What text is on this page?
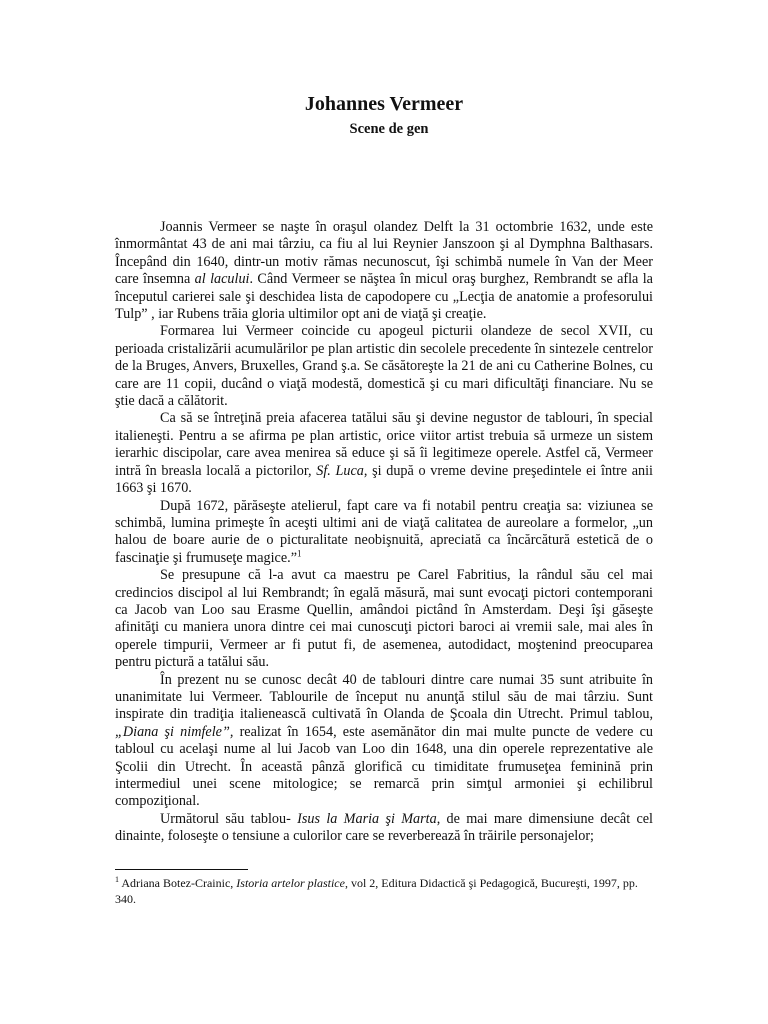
Johannes Vermeer
Scene de gen

Joannis Vermeer se naşte în oraşul olandez Delft la 31 octombrie 1632, unde este înmormântat 43 de ani mai târziu, ca fiu al lui Reynier Janszoon şi al Dymphna Balthasars. Începând din 1640, dintr-un motiv rămas necunoscut, îşi schimbă numele în Van der Meer care însemna al lacului. Când Vermeer se năştea în micul oraş burghez, Rembrandt se afla la începutul carierei sale şi deschidea lista de capodopere cu „Lecţia de anatomie a profesorului Tulp” , iar Rubens trăia gloria ultimilor opt ani de viaţă şi creaţie.

Formarea lui Vermeer coincide cu apogeul picturii olandeze de secol XVII, cu perioada cristalizării acumulărilor pe plan artistic din secolele precedente în sintezele centrelor de la Bruges, Anvers, Bruxelles, Grand ş.a. Se căsătoreşte la 21 de ani cu Catherine Bolnes, cu care are 11 copii, ducând o viaţă modestă, domestică şi cu mari dificultăţi financiare. Nu se ştie dacă a călătorit.

Ca să se întreţină preia afacerea tatălui său şi devine negustor de tablouri, în special italieneşti. Pentru a se afirma pe plan artistic, orice viitor artist trebuia să urmeze un sistem ierarhic discipolar, care avea menirea să educe şi să îi legitimeze operele. Astfel că, Vermeer intră în breasla locală a pictorilor, Sf. Luca, şi după o vreme devine preşedintele ei între anii 1663 şi 1670.

După 1672, părăseşte atelierul, fapt care va fi notabil pentru creaţia sa: viziunea se schimbă, lumina primeşte în aceşti ultimi ani de viaţă calitatea de aureolare a formelor, „un halou de boare aurie de o picturalitate neobişnuită, apreciată ca încărcătură estetică de o fascinaţie şi frumuseţe magice.”$^1$

Se presupune că l-a avut ca maestru pe Carel Fabritius, la rândul său cel mai credincios discipol al lui Rembrandt; în egală măsură, mai sunt evocaţi pictori contemporani ca Jacob van Loo sau Erasme Quellin, amândoi pictând în Amsterdam. Deşi îşi găseşte afinităţi cu maniera unora dintre cei mai cunoscuţi pictori baroci ai vremii sale, mai ales în operele timpurii, Vermeer ar fi putut fi, de asemenea, autodidact, moştenind preocuparea pentru pictură a tatălui său.

În prezent nu se cunosc decât 40 de tablouri dintre care numai 35 sunt atribuite în unanimitate lui Vermeer. Tablourile de început nu anunţă stilul său de mai târziu. Sunt inspirate din tradiţia italienească cultivată în Olanda de Şcoala din Utrecht. Primul tablou, „Diana şi nimfele”, realizat în 1654, este asemănător din mai multe puncte de vedere cu tabloul cu acelaşi nume al lui Jacob van Loo din 1648, una din operele reprezentative ale Şcolii din Utrecht. În această pânză glorifică cu timiditate frumuseţea feminină prin intermediul unei scene mitologice; se remarcă prin simţul armoniei şi echilibrul compoziţional.

Următorul său tablou- Isus la Maria şi Marta, de mai mare dimensiune decât cel dinainte, foloseşte o tensiune a culorilor care se reverberează în trăirile personajelor;

$^1$ Adriana Botez-Crainic, Istoria artelor plastice, vol 2, Editura Didactică şi Pedagogică, Bucureşti, 1997, pp. 340.
